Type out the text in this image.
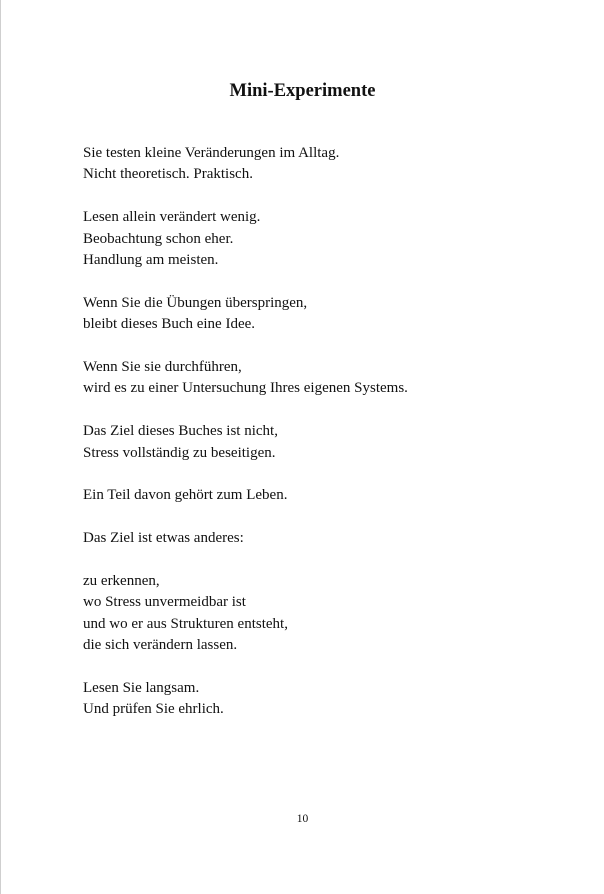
Mini-Experimente

Sie testen kleine Veränderungen im Alltag.
Nicht theoretisch. Praktisch.

Lesen allein verändert wenig.
Beobachtung schon eher.
Handlung am meisten.

Wenn Sie die Übungen überspringen,
bleibt dieses Buch eine Idee.

Wenn Sie sie durchführen,
wird es zu einer Untersuchung Ihres eigenen Systems.

Das Ziel dieses Buches ist nicht,
Stress vollständig zu beseitigen.

Ein Teil davon gehört zum Leben.

Das Ziel ist etwas anderes:

zu erkennen,
wo Stress unvermeidbar ist
und wo er aus Strukturen entsteht,
die sich verändern lassen.

Lesen Sie langsam.
Und prüfen Sie ehrlich.

10
